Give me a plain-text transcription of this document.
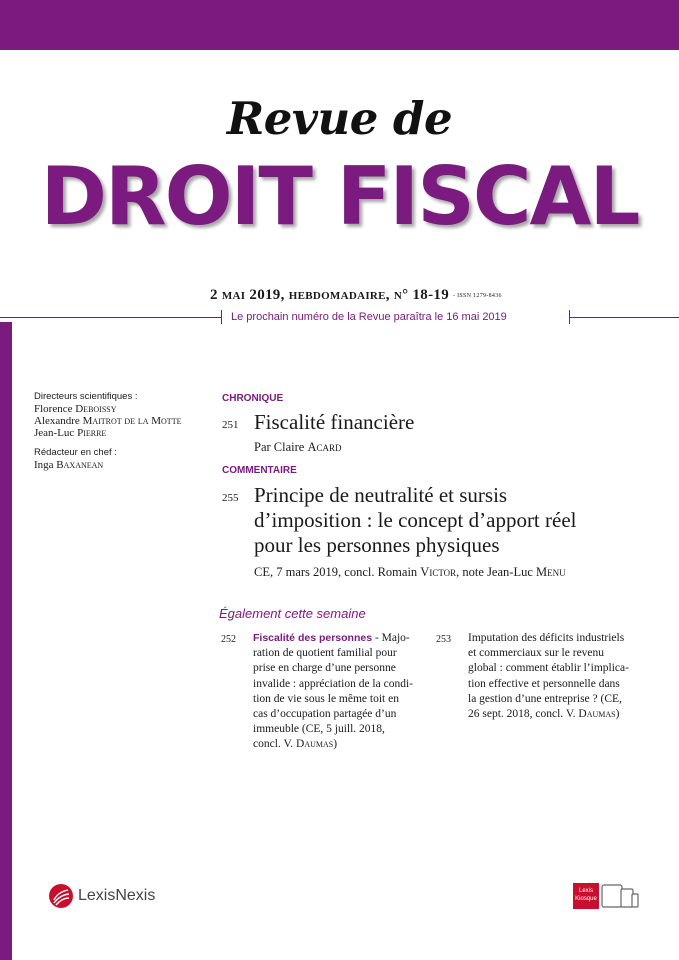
Revue de
DROIT FISCAL
2 mai 2019, hebdomadaire, n° 18-19 - ISSN 1279-8436
Le prochain numéro de la Revue paraîtra le 16 mai 2019
Directeurs scientifiques :
Florence Deboissy
Alexandre Maitrot de la Motte
Jean-Luc Pierre
Rédacteur en chef :
Inga Baxanean
CHRONIQUE
251 Fiscalité financière
Par Claire Acard
COMMENTAIRE
255 Principe de neutralité et sursis
d’imposition : le concept d’apport réel
pour les personnes physiques
CE, 7 mars 2019, concl. Romain Victor, note Jean-Luc Menu
Également cette semaine
252 Fiscalité des personnes - Majo-
ration de quotient familial pour
prise en charge d’une personne
invalide : appréciation de la condi-
tion de vie sous le même toit en
cas d’occupation partagée d’un
immeuble (CE, 5 juill. 2018,
concl. V. Daumas)
253 Imputation des déficits industriels
et commerciaux sur le revenu
global : comment établir l’implica-
tion effective et personnelle dans
la gestion d’une entreprise ? (CE,
26 sept. 2018, concl. V. Daumas)
LexisNexis	Lexis
Kiosque
